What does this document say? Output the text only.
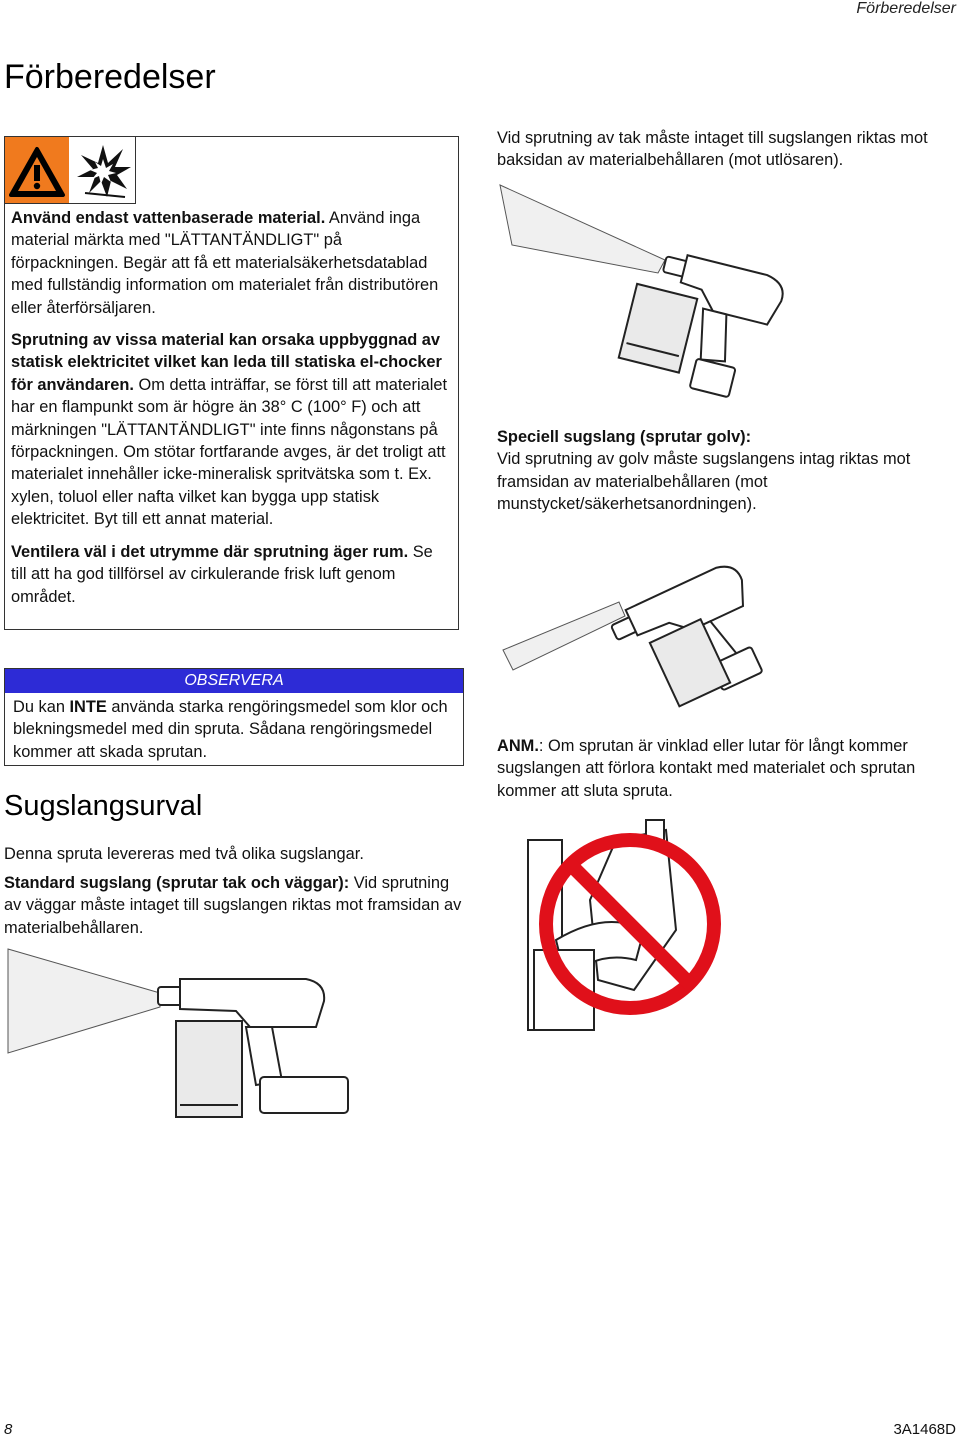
Förberedelser
Förberedelser

Använd endast vattenbaserade material. Använd inga material märkta med "LÄTTANTÄNDLIGT" på förpackningen. Begär att få ett materialsäkerhetsdatablad med fullständig information om materialet från distributören eller återförsäljaren.

Sprutning av vissa material kan orsaka uppbyggnad av statisk elektricitet vilket kan leda till statiska el-chocker för användaren. Om detta inträffar, se först till att materialet har en flampunkt som är högre än 38° C (100° F) och att märkningen "LÄTTANTÄNDLIGT" inte finns någonstans på förpackningen. Om stötar fortfarande avges, är det troligt att materialet innehåller icke-mineralisk spritvätska som t. Ex. xylen, toluol eller nafta vilket kan bygga upp statisk elektricitet. Byt till ett annat material.

Ventilera väl i det utrymme där sprutning äger rum. Se till att ha god tillförsel av cirkulerande frisk luft genom området.

OBSERVERA
Du kan INTE använda starka rengöringsmedel som klor och blekningsmedel med din spruta. Sådana rengöringsmedel kommer att skada sprutan.
Sugslangsurval
Denna spruta levereras med två olika sugslangar.
Standard sugslang (sprutar tak och väggar): Vid sprutning av väggar måste intaget till sugslangen riktas mot framsidan av materialbehållaren.
Vid sprutning av tak måste intaget till sugslangen riktas mot baksidan av materialbehållaren (mot utlösaren).
Speciell sugslang (sprutar golv):
Vid sprutning av golv måste sugslangens intag riktas mot framsidan av materialbehållaren (mot munstycket/säkerhetsanordningen).
ANM.: Om sprutan är vinklad eller lutar för långt kommer sugslangen att förlora kontakt med materialet och sprutan kommer att sluta spruta.
8	3A1468D
